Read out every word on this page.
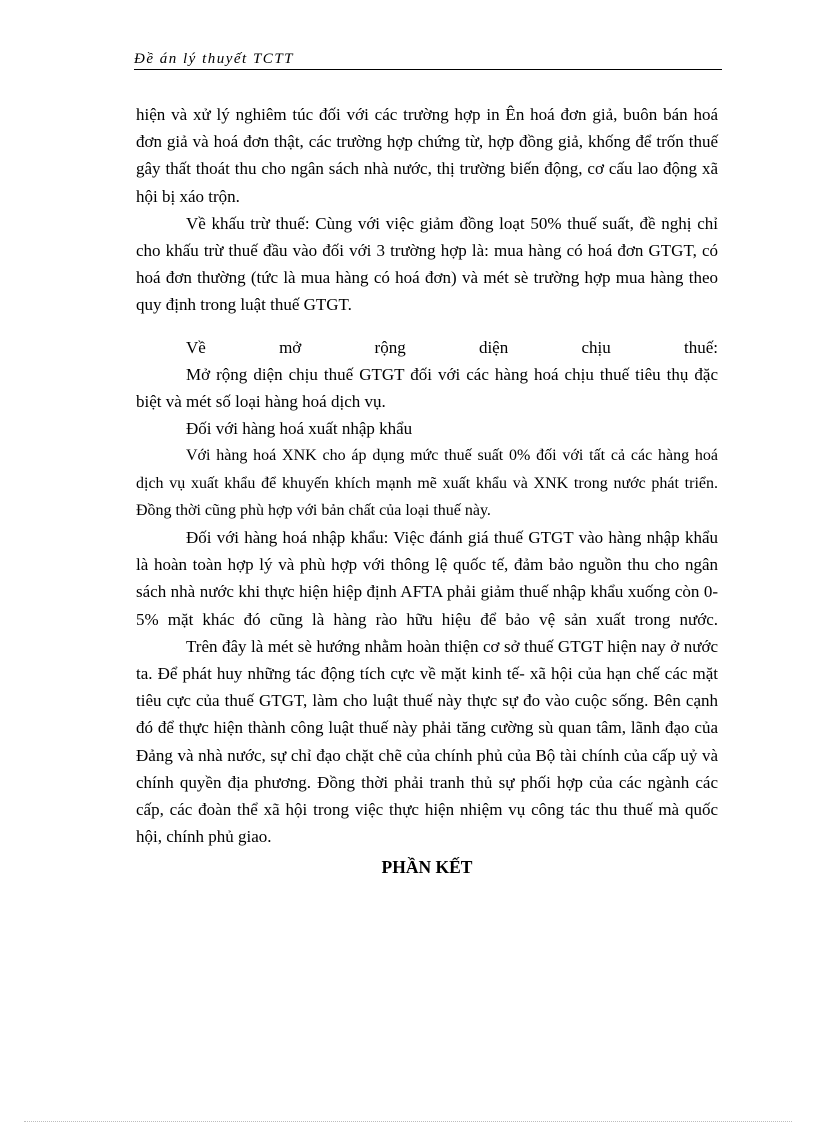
Đề án lý thuyết TCTT

hiện và xử lý nghiêm túc đối với các trường hợp in Ên hoá đơn giả, buôn bán hoá đơn giả và hoá đơn thật, các trường hợp chứng từ, hợp đồng giả, khống để trốn thuế gây thất thoát thu cho ngân sách nhà nước, thị trường biến động, cơ cấu lao động xã hội bị xáo trộn.

Về khấu trừ thuế: Cùng với việc giảm đồng loạt 50% thuế suất, đề nghị chỉ cho khấu trừ thuế đầu vào đối với 3 trường hợp là: mua hàng có hoá đơn GTGT, có hoá đơn thường (tức là mua hàng có hoá đơn) và mét sè trường hợp mua hàng theo quy định trong luật thuế GTGT.

Về mở rộng diện chịu thuế:

Mở rộng diện chịu thuế GTGT đối với các hàng hoá chịu thuế tiêu thụ đặc biệt và mét số loại hàng hoá dịch vụ.

Đối với hàng hoá xuất nhập khẩu

Với hàng hoá XNK cho áp dụng mức thuế suất 0% đối với tất cả các hàng hoá dịch vụ xuất khẩu để khuyến khích mạnh mẽ xuất khẩu và XNK trong nước phát triển. Đồng thời cũng phù hợp với bản chất của loại thuế này.

Đối với hàng hoá nhập khẩu: Việc đánh giá thuế GTGT vào hàng nhập khẩu là hoàn toàn hợp lý và phù hợp với thông lệ quốc tế, đảm bảo nguồn thu cho ngân sách nhà nước khi thực hiện hiệp định AFTA phải giảm thuế nhập khẩu xuống còn 0-5% mặt khác đó cũng là hàng rào hữu hiệu để bảo vệ sản xuất trong nước.

Trên đây là mét sè hướng nhằm hoàn thiện cơ sở thuế GTGT hiện nay ở nước ta. Để phát huy những tác động tích cực về mặt kinh tế- xã hội của hạn chế các mặt tiêu cực của thuế GTGT, làm cho luật thuế này thực sự đo vào cuộc sống. Bên cạnh đó để thực hiện thành công luật thuế này phải tăng cường sù quan tâm, lãnh đạo của Đảng và nhà nước, sự chỉ đạo chặt chẽ của chính phủ của Bộ tài chính của cấp uỷ và chính quyền địa phương. Đồng thời phải tranh thủ sự phối hợp của các ngành các cấp, các đoàn thể xã hội trong việc thực hiện nhiệm vụ công tác thu thuế mà quốc hội, chính phủ giao.

PHẦN KẾT
